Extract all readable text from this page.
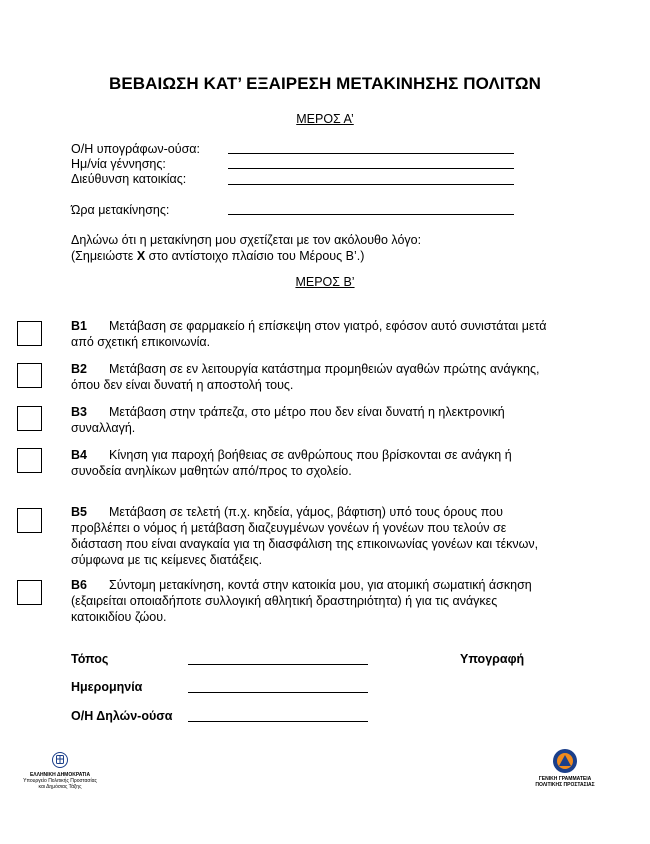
ΒΕΒΑΙΩΣΗ ΚΑΤ’ ΕΞΑΙΡΕΣΗ ΜΕΤΑΚΙΝΗΣΗΣ ΠΟΛΙΤΩΝ
ΜΕΡΟΣ Α’
Ο/Η υπογράφων-ούσα:
Ημ/νία γέννησης:
Διεύθυνση κατοικίας:
Ώρα μετακίνησης:
Δηλώνω ότι η μετακίνηση μου σχετίζεται με τον ακόλουθο λόγο:
(Σημειώστε Χ στο αντίστοιχο πλαίσιο του Μέρους Β’.)
ΜΕΡΟΣ Β’
Β1 Μετάβαση σε φαρμακείο ή επίσκεψη στον γιατρό, εφόσον αυτό συνιστάται μετά από σχετική επικοινωνία.
Β2 Μετάβαση σε εν λειτουργία κατάστημα προμηθειών αγαθών πρώτης ανάγκης, όπου δεν είναι δυνατή η αποστολή τους.
Β3 Μετάβαση στην τράπεζα, στο μέτρο που δεν είναι δυνατή η ηλεκτρονική συναλλαγή.
Β4 Κίνηση για παροχή βοήθειας σε ανθρώπους που βρίσκονται σε ανάγκη ή συνοδεία ανηλίκων μαθητών από/προς το σχολείο.
Β5 Μετάβαση σε τελετή (π.χ. κηδεία, γάμος, βάφτιση) υπό τους όρους που προβλέπει ο νόμος ή μετάβαση διαζευγμένων γονέων ή γονέων που τελούν σε διάσταση που είναι αναγκαία για τη διασφάλιση της επικοινωνίας γονέων και τέκνων, σύμφωνα με τις κείμενες διατάξεις.
Β6 Σύντομη μετακίνηση, κοντά στην κατοικία μου, για ατομική σωματική άσκηση (εξαιρείται οποιαδήποτε συλλογική αθλητική δραστηριότητα) ή για τις ανάγκες κατοικιδίου ζώου.
Τόπος	Υπογραφή
Ημερομηνία
Ο/Η Δηλών-ούσα
ΕΛΛΗΝΙΚΗ ΔΗΜΟΚΡΑΤΙΑ
Υπουργείο Πολιτικής Προστασίας
και Δημόσιας Τάξης
ΓΕΝΙΚΗ ΓΡΑΜΜΑΤΕΙΑ
ΠΟΛΙΤΙΚΗΣ ΠΡΟΣΤΑΣΙΑΣ
